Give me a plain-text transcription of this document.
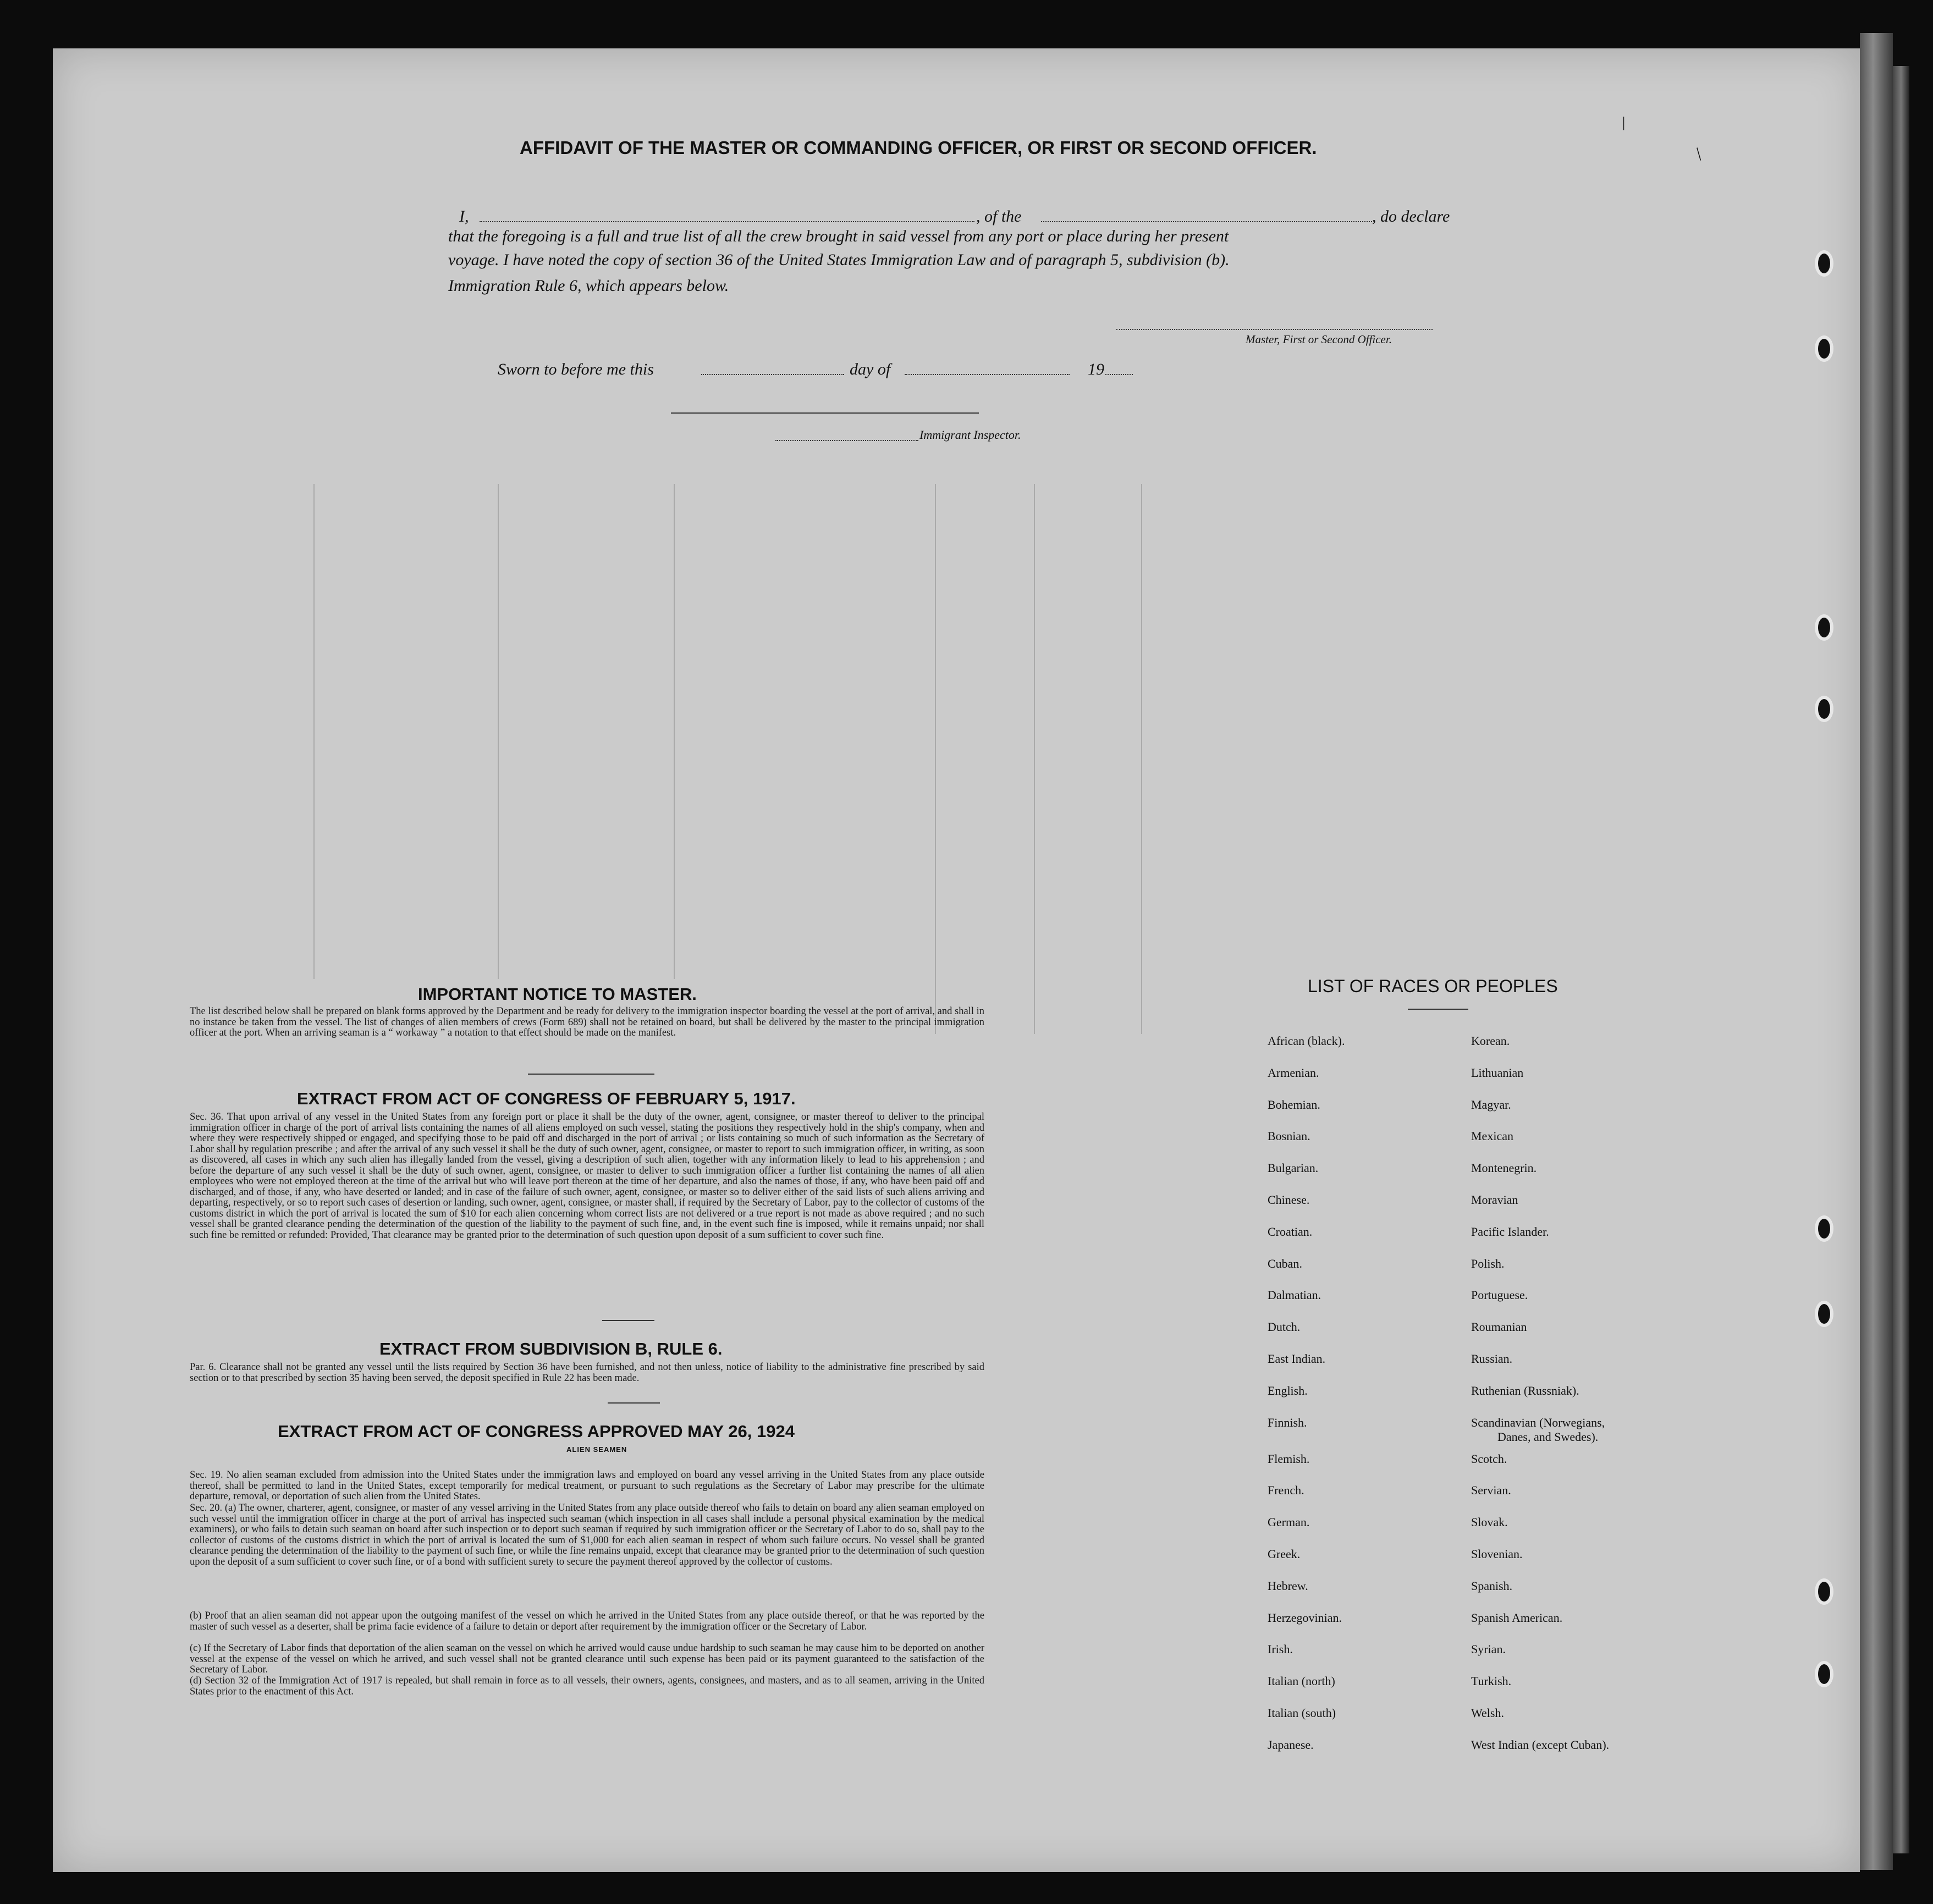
/
|
AFFIDAVIT OF THE MASTER OR COMMANDING OFFICER, OR FIRST OR SECOND OFFICER.
I,	, of the	, do declare
that the foregoing is a full and true list of all the crew brought in said vessel from any port or place during her present
voyage. I have noted the copy of section 36 of the United States Immigration Law and of paragraph 5, subdivision (b).
Immigration Rule 6, which appears below.
Master, First or Second Officer.
Sworn to before me this	day of	19
Immigrant Inspector.
IMPORTANT NOTICE TO MASTER.
The list described below shall be prepared on blank forms approved by the Department and be ready for delivery to the immigration inspector boarding the vessel at the port of arrival, and shall in no instance be taken from the vessel. The list of changes of alien members of crews (Form 689) shall not be retained on board, but shall be delivered by the master to the principal immigration officer at the port. When an arriving seaman is a “ workaway ” a notation to that effect should be made on the manifest.
EXTRACT FROM ACT OF CONGRESS OF FEBRUARY 5, 1917.
Sec. 36. That upon arrival of any vessel in the United States from any foreign port or place it shall be the duty of the owner, agent, consignee, or master thereof to deliver to the principal immigration officer in charge of the port of arrival lists containing the names of all aliens employed on such vessel, stating the positions they respectively hold in the ship's company, when and where they were respectively shipped or engaged, and specifying those to be paid off and discharged in the port of arrival ; or lists containing so much of such information as the Secretary of Labor shall by regulation prescribe ; and after the arrival of any such vessel it shall be the duty of such owner, agent, consignee, or master to report to such immigration officer, in writing, as soon as discovered, all cases in which any such alien has illegally landed from the vessel, giving a description of such alien, together with any information likely to lead to his apprehension ; and before the departure of any such vessel it shall be the duty of such owner, agent, consignee, or master to deliver to such immigration officer a further list containing the names of all alien employees who were not employed thereon at the time of the arrival but who will leave port thereon at the time of her departure, and also the names of those, if any, who have been paid off and discharged, and of those, if any, who have deserted or landed; and in case of the failure of such owner, agent, consignee, or master so to deliver either of the said lists of such aliens arriving and departing, respectively, or so to report such cases of desertion or landing, such owner, agent, consignee, or master shall, if required by the Secretary of Labor, pay to the collector of customs of the customs district in which the port of arrival is located the sum of $10 for each alien concerning whom correct lists are not delivered or a true report is not made as above required ; and no such vessel shall be granted clearance pending the determination of the question of the liability to the payment of such fine, and, in the event such fine is imposed, while it remains unpaid; nor shall such fine be remitted or refunded: Provided, That clearance may be granted prior to the determination of such question upon deposit of a sum sufficient to cover such fine.
EXTRACT FROM SUBDIVISION B, RULE 6.
Par. 6. Clearance shall not be granted any vessel until the lists required by Section 36 have been furnished, and not then unless, notice of liability to the administrative fine prescribed by said section or to that prescribed by section 35 having been served, the deposit specified in Rule 22 has been made.
EXTRACT FROM ACT OF CONGRESS APPROVED MAY 26, 1924
ALIEN SEAMEN
Sec. 19. No alien seaman excluded from admission into the United States under the immigration laws and employed on board any vessel arriving in the United States from any place outside thereof, shall be permitted to land in the United States, except temporarily for medical treatment, or pursuant to such regulations as the Secretary of Labor may prescribe for the ultimate departure, removal, or deportation of such alien from the United States.
Sec. 20. (a) The owner, charterer, agent, consignee, or master of any vessel arriving in the United States from any place outside thereof who fails to detain on board any alien seaman employed on such vessel until the immigration officer in charge at the port of arrival has inspected such seaman (which inspection in all cases shall include a personal physical examination by the medical examiners), or who fails to detain such seaman on board after such inspection or to deport such seaman if required by such immigration officer or the Secretary of Labor to do so, shall pay to the collector of customs of the customs district in which the port of arrival is located the sum of $1,000 for each alien seaman in respect of whom such failure occurs. No vessel shall be granted clearance pending the determination of the liability to the payment of such fine, or while the fine remains unpaid, except that clearance may be granted prior to the determination of such question upon the deposit of a sum sufficient to cover such fine, or of a bond with sufficient surety to secure the payment thereof approved by the collector of customs.
(b) Proof that an alien seaman did not appear upon the outgoing manifest of the vessel on which he arrived in the United States from any place outside thereof, or that he was reported by the master of such vessel as a deserter, shall be prima facie evidence of a failure to detain or deport after requirement by the immigration officer or the Secretary of Labor.
(c) If the Secretary of Labor finds that deportation of the alien seaman on the vessel on which he arrived would cause undue hardship to such seaman he may cause him to be deported on another vessel at the expense of the vessel on which he arrived, and such vessel shall not be granted clearance until such expense has been paid or its payment guaranteed to the satisfaction of the Secretary of Labor.
(d) Section 32 of the Immigration Act of 1917 is repealed, but shall remain in force as to all vessels, their owners, agents, consignees, and masters, and as to all seamen, arriving in the United States prior to the enactment of this Act.
LIST OF RACES OR PEOPLES
African (black).
Armenian.
Bohemian.
Bosnian.
Bulgarian.
Chinese.
Croatian.
Cuban.
Dalmatian.
Dutch.
East Indian.
English.
Finnish.
Flemish.
French.
German.
Greek.
Hebrew.
Herzegovinian.
Irish.
Italian (north)
Italian (south)
Japanese.
Korean.
Lithuanian
Magyar.
Mexican
Montenegrin.
Moravian
Pacific Islander.
Polish.
Portuguese.
Roumanian
Russian.
Ruthenian (Russniak).
Scandinavian (Norwegians,
Danes, and Swedes).
Scotch.
Servian.
Slovak.
Slovenian.
Spanish.
Spanish American.
Syrian.
Turkish.
Welsh.
West Indian (except Cuban).
